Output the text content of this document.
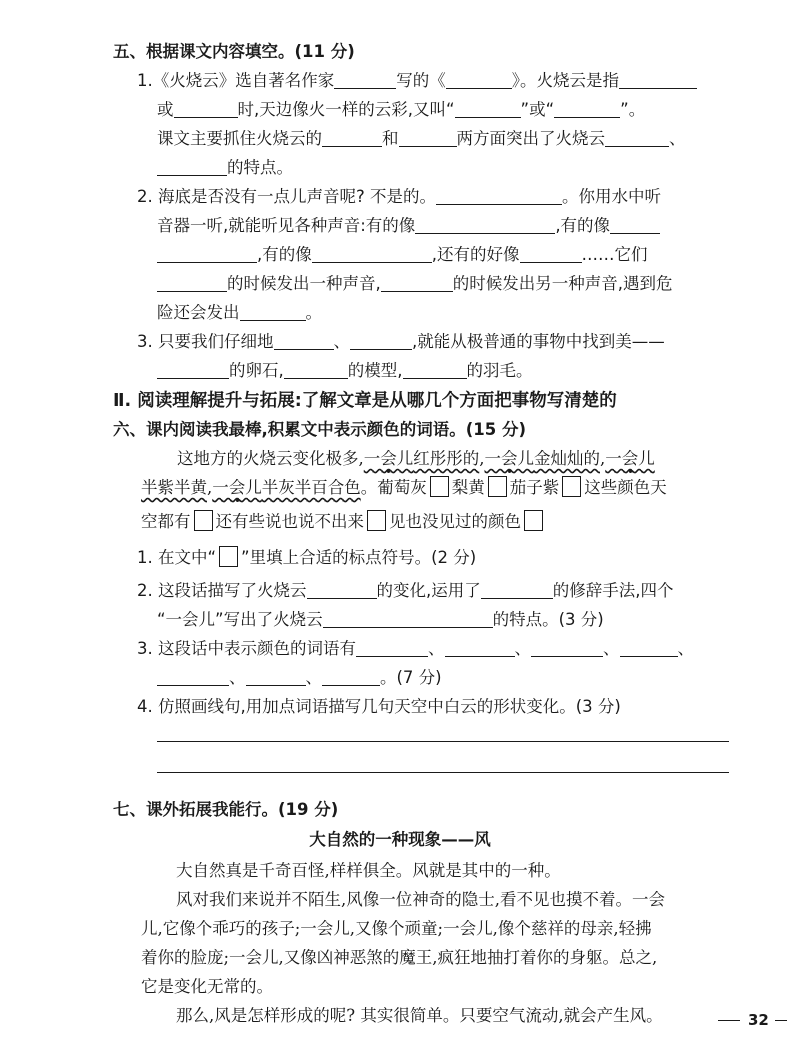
五、根据课文内容填空。(11 分)
1.《火烧云》选自著名作家	写的《	》。火烧云是指
或	时,天边像火一样的云彩,又叫“	”或“	”。
课文主要抓住火烧云的	和	两方面突出了火烧云	、
的特点。
2. 海底是否没有一点儿声音呢? 不是的。	。你用水中听
音器一听,就能听见各种声音:有的像	,有的像
,有的像	,还有的好像	……它们
的时候发出一种声音,	的时候发出另一种声音,遇到危
险还会发出	。
3. 只要我们仔细地	、	,就能从极普通的事物中找到美——
的卵石,	的模型,	的羽毛。
Ⅱ. 阅读理解提升与拓展:了解文章是从哪几个方面把事物写清楚的
六、课内阅读我最棒,积累文中表示颜色的词语。(15 分)
这地方的火烧云变化极多,一会儿红彤彤的,一会儿金灿灿的,一会儿
半紫半黄,一会儿半灰半百合色。葡萄灰 梨黄 茄子紫 这些颜色天
空都有 还有些说也说不出来 见也没见过的颜色
1. 在文中“ ”里填上合适的标点符号。(2 分)
2. 这段话描写了火烧云	的变化,运用了	的修辞手法,四个
“一会儿”写出了火烧云	的特点。(3 分)
3. 这段话中表示颜色的词语有	、	、	、	、
、	、	。(7 分)
4. 仿照画线句,用加点词语描写几句天空中白云的形状变化。(3 分)
七、课外拓展我能行。(19 分)
大自然的一种现象——风
大自然真是千奇百怪,样样俱全。风就是其中的一种。
风对我们来说并不陌生,风像一位神奇的隐士,看不见也摸不着。一会
儿,它像个乖巧的孩子;一会儿,又像个顽童;一会儿,像个慈祥的母亲,轻拂
着你的脸庞;一会儿,又像凶神恶煞的魔王,疯狂地抽打着你的身躯。总之,
它是变化无常的。
那么,风是怎样形成的呢? 其实很简单。只要空气流动,就会产生风。	32
